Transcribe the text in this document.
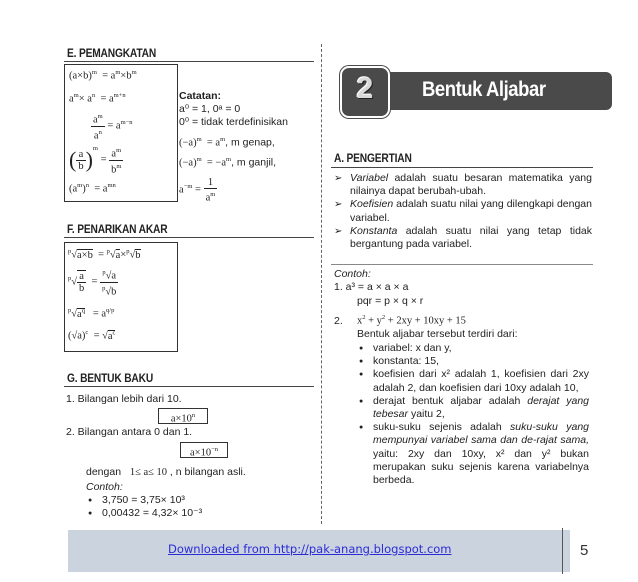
E. PEMANGKATAN
$(a\times b)^m = a^m\times b^m$
$a^m\times a^n = a^{m+n}$
$\frac{a^m}{a^n} = a^{m-n}$
( $\frac{a}{b} )^m = \frac{a^m}{b^m}$
$(a^m)^n = a^{mn}$
Catatan:
a⁰ = 1, 0ᵃ = 0
0⁰ = tidak terdefinisikan
$(-a)^m = a^m$, m genap,
$(-a)^m = -a^m$, m ganjil,
$a^{-m} = \frac{1}{a^m}$
F. PENARIKAN AKAR
$^p$√a×b  = $^p$√a×$^p$√b
$^p√ \frac{a}{b} = \frac{^p√a}{^p√b}$
$^p√a^q = a^{q/p}$
$(√a)^c = √a^c$
G. BENTUK BAKU
1. Bilangan lebih dari 10.
$a\times 10^n$
2. Bilangan antara 0 dan 1.
$a\times 10^{-n}$
dengan 1≤ a≤ 10 , n bilangan asli.
Contoh:
● 3,750 = 3,75× 10³
● 0,00432 = 4,32× 10⁻³
Bentuk Aljabar
2
A. PENGERTIAN
➢ Variabel adalah suatu besaran matematika yang nilainya dapat berubah-ubah.
➢ Koefisien adalah suatu nilai yang dilengkapi dengan variabel.
➢ Konstanta adalah suatu nilai yang tetap tidak bergantung pada variabel.
Contoh:
1. a³ = a × a × a
pqr = p × q × r
2. $x^2 + y^2 + 2xy + 10xy + 15$
Bentuk aljabar tersebut terdiri dari:
● variabel: x dan y,
● konstanta: 15,
● koefisien dari x² adalah 1, koefisien dari 2xy adalah 2, dan koefisien dari 10xy adalah 10,
● derajat bentuk aljabar adalah derajat yang tebesar yaitu 2,
● suku-suku sejenis adalah suku-suku yang mempunyai variabel sama dan de-rajat sama, yaitu: 2xy dan 10xy, x² dan y² bukan merupakan suku sejenis karena variabelnya berbeda.
Downloaded from http://pak-anang.blogspot.com	5
